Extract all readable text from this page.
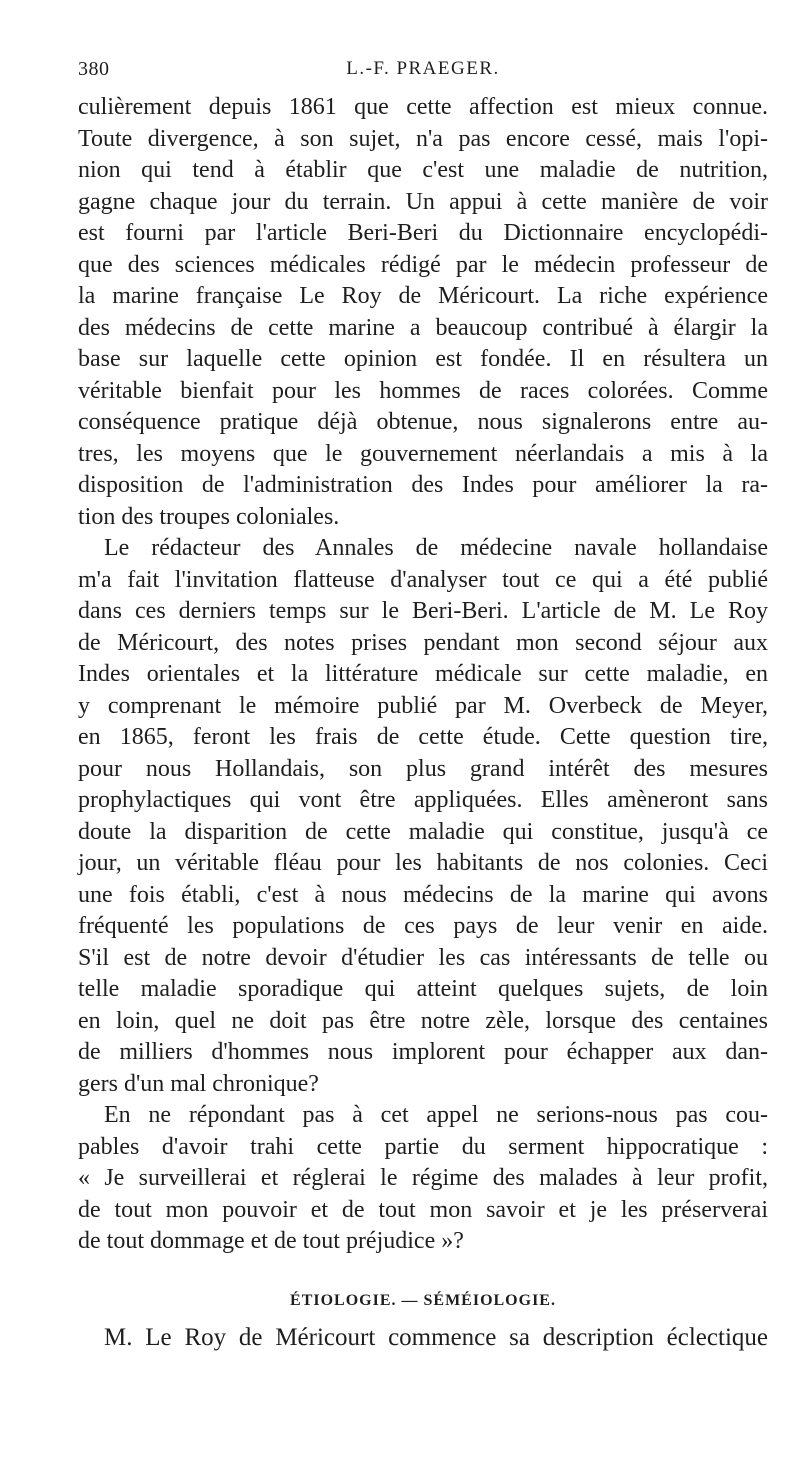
380	L.-F. PRAEGER.
culièrement depuis 1861 que cette affection est mieux connue.
Toute divergence, à son sujet, n'a pas encore cessé, mais l'opi-
nion qui tend à établir que c'est une maladie de nutrition,
gagne chaque jour du terrain. Un appui à cette manière de voir
est fourni par l'article Beri-Beri du Dictionnaire encyclopédi-
que des sciences médicales rédigé par le médecin professeur de
la marine française Le Roy de Méricourt. La riche expérience
des médecins de cette marine a beaucoup contribué à élargir la
base sur laquelle cette opinion est fondée. Il en résultera un
véritable bienfait pour les hommes de races colorées. Comme
conséquence pratique déjà obtenue, nous signalerons entre au-
tres, les moyens que le gouvernement néerlandais a mis à la
disposition de l'administration des Indes pour améliorer la ra-
tion des troupes coloniales.
Le rédacteur des Annales de médecine navale hollandaise
m'a fait l'invitation flatteuse d'analyser tout ce qui a été publié
dans ces derniers temps sur le Beri-Beri. L'article de M. Le Roy
de Méricourt, des notes prises pendant mon second séjour aux
Indes orientales et la littérature médicale sur cette maladie, en
y comprenant le mémoire publié par M. Overbeck de Meyer,
en 1865, feront les frais de cette étude. Cette question tire,
pour nous Hollandais, son plus grand intérêt des mesures
prophylactiques qui vont être appliquées. Elles amèneront sans
doute la disparition de cette maladie qui constitue, jusqu'à ce
jour, un véritable fléau pour les habitants de nos colonies. Ceci
une fois établi, c'est à nous médecins de la marine qui avons
fréquenté les populations de ces pays de leur venir en aide.
S'il est de notre devoir d'étudier les cas intéressants de telle ou
telle maladie sporadique qui atteint quelques sujets, de loin
en loin, quel ne doit pas être notre zèle, lorsque des centaines
de milliers d'hommes nous implorent pour échapper aux dan-
gers d'un mal chronique?
En ne répondant pas à cet appel ne serions-nous pas cou-
pables d'avoir trahi cette partie du serment hippocratique :
« Je surveillerai et réglerai le régime des malades à leur profit,
de tout mon pouvoir et de tout mon savoir et je les préserverai
de tout dommage et de tout préjudice »?
ÉTIOLOGIE. — SÉMÉIOLOGIE.
M. Le Roy de Méricourt commence sa description éclectique
